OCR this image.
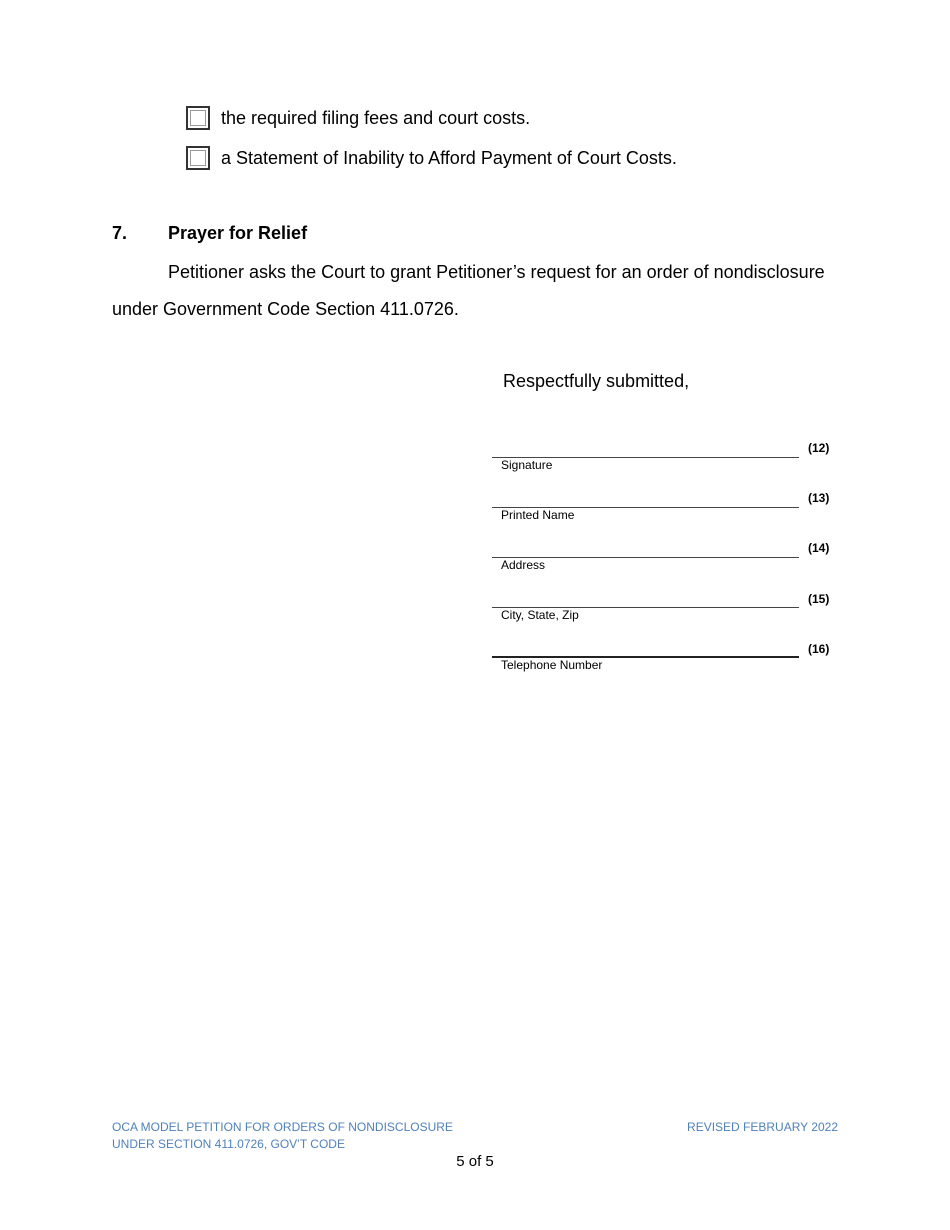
the required filing fees and court costs.
a Statement of Inability to Afford Payment of Court Costs.
7.	Prayer for Relief
Petitioner asks the Court to grant Petitioner’s request for an order of nondisclosure
under Government Code Section 411.0726.
Respectfully submitted,
(12)
Signature
(13)
Printed Name
(14)
Address
(15)
City, State, Zip
(16)
Telephone Number
OCA MODEL PETITION FOR ORDERS OF NONDISCLOSURE
UNDER SECTION 411.0726, GOV’T CODE
REVISED FEBRUARY 2022
5 of 5
